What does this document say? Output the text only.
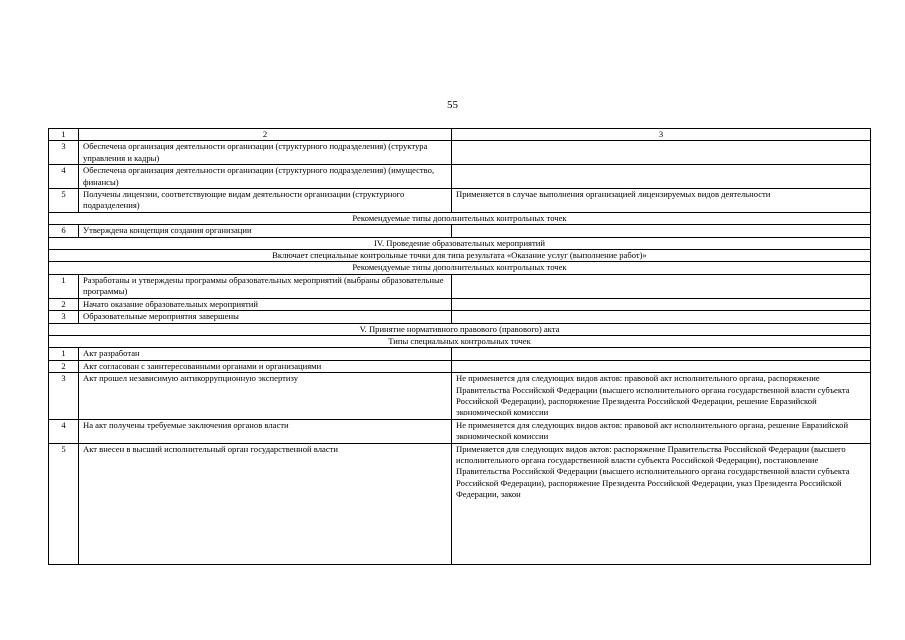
55
1	2	3
3	Обеспечена организация деятельности организации (структурного подразделения) (структура управления и кадры)	
4	Обеспечена организация деятельности организации (структурного подразделения) (имущество, финансы)	
5	Получены лицензии, соответствующие видам деятельности организации (структурного подразделения)	Применяется в случае выполнения организацией лицензируемых видов деятельности
Рекомендуемые типы дополнительных контрольных точек		
6	Утверждена концепция создания организации	
IV. Проведение образовательных мероприятий		
Включает специальные контрольные точки для типа результата «Оказание услуг (выполнение работ)»		
Рекомендуемые типы дополнительных контрольных точек		
1	Разработаны и утверждены программы образовательных мероприятий (выбраны образовательные программы)	
2	Начато оказание образовательных мероприятий	
3	Образовательные мероприятия завершены	
V. Принятие нормативного правового (правового) акта		
Типы специальных контрольных точек		
1	Акт разработан	
2	Акт согласован с заинтересованными органами и организациями	
3	Акт прошел независимую антикоррупционную экспертизу	Не применяется для следующих видов актов: правовой акт исполнительного органа, распоряжение Правительства Российской Федерации (высшего исполнительного органа государственной власти субъекта Российской Федерации), распоряжение Президента Российской Федерации, решение Евразийской экономической комиссии
4	На акт получены требуемые заключения органов власти	Не применяется для следующих видов актов: правовой акт исполнительного органа, решение Евразийской экономической комиссии
5	Акт внесен в высший исполнительный орган государственной власти	Применяется для следующих видов актов: распоряжение Правительства Российской Федерации (высшего исполнительного органа государственной власти субъекта Российской Федерации), постановление Правительства Российской Федерации (высшего исполнительного органа государственной власти субъекта Российской Федерации), распоряжение Президента Российской Федерации, указ Президента Российской Федерации, закон
